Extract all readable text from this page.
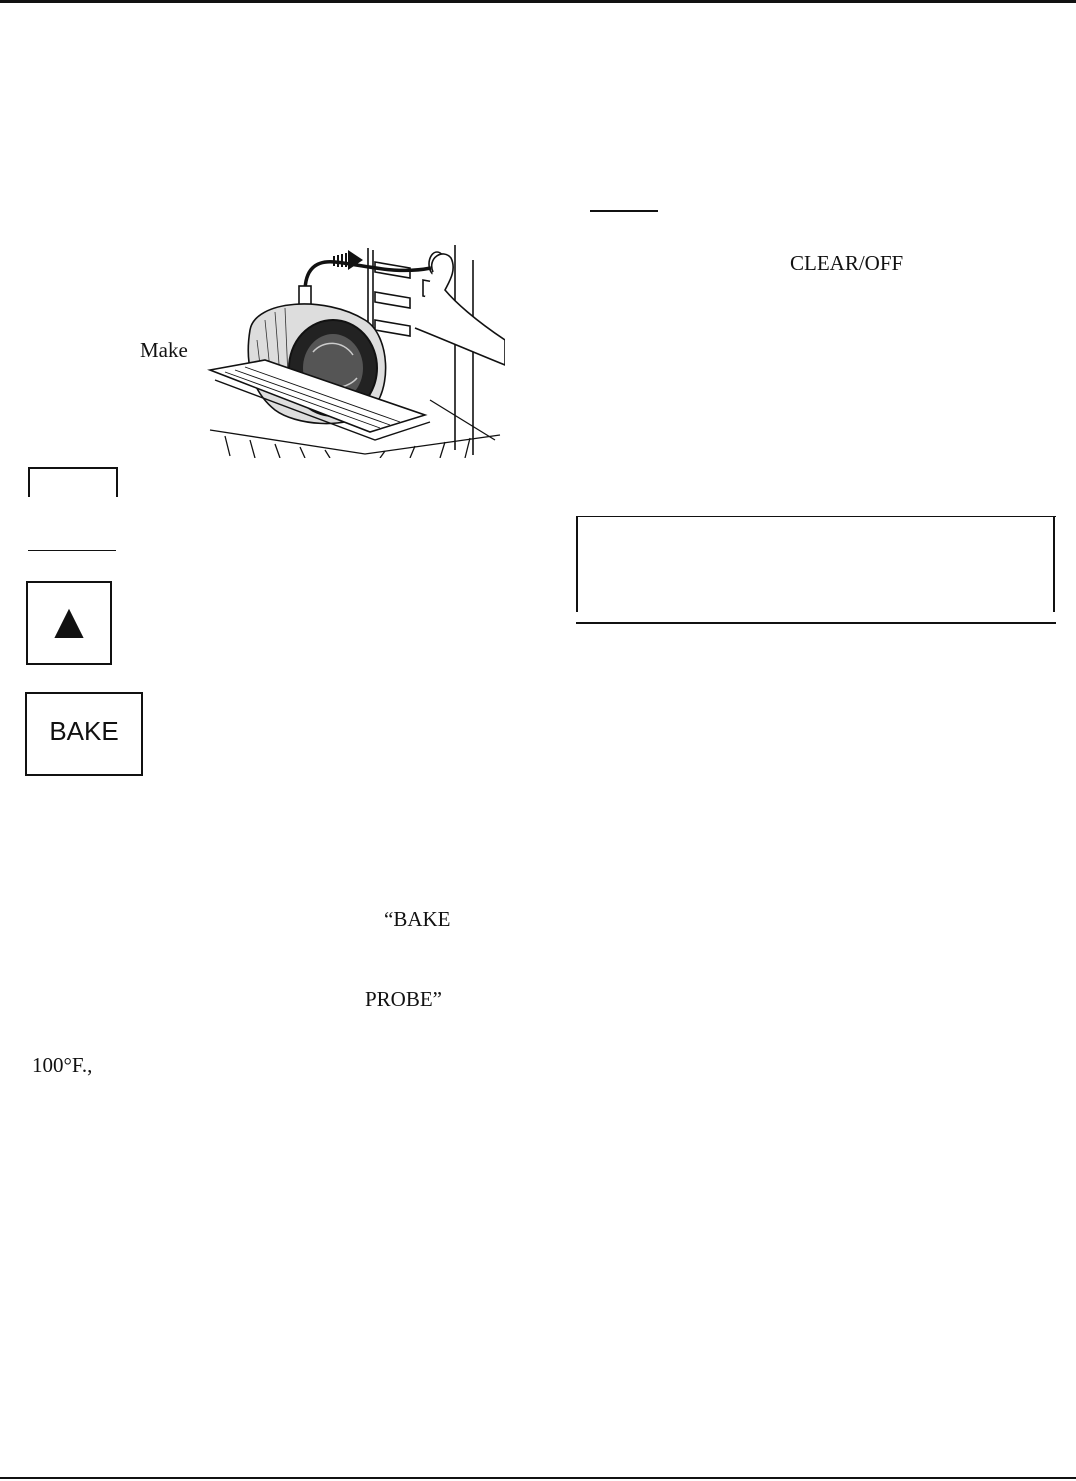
Make
▲
BAKE
“BAKE
PROBE”
100°F.,
CLEAR/OFF
